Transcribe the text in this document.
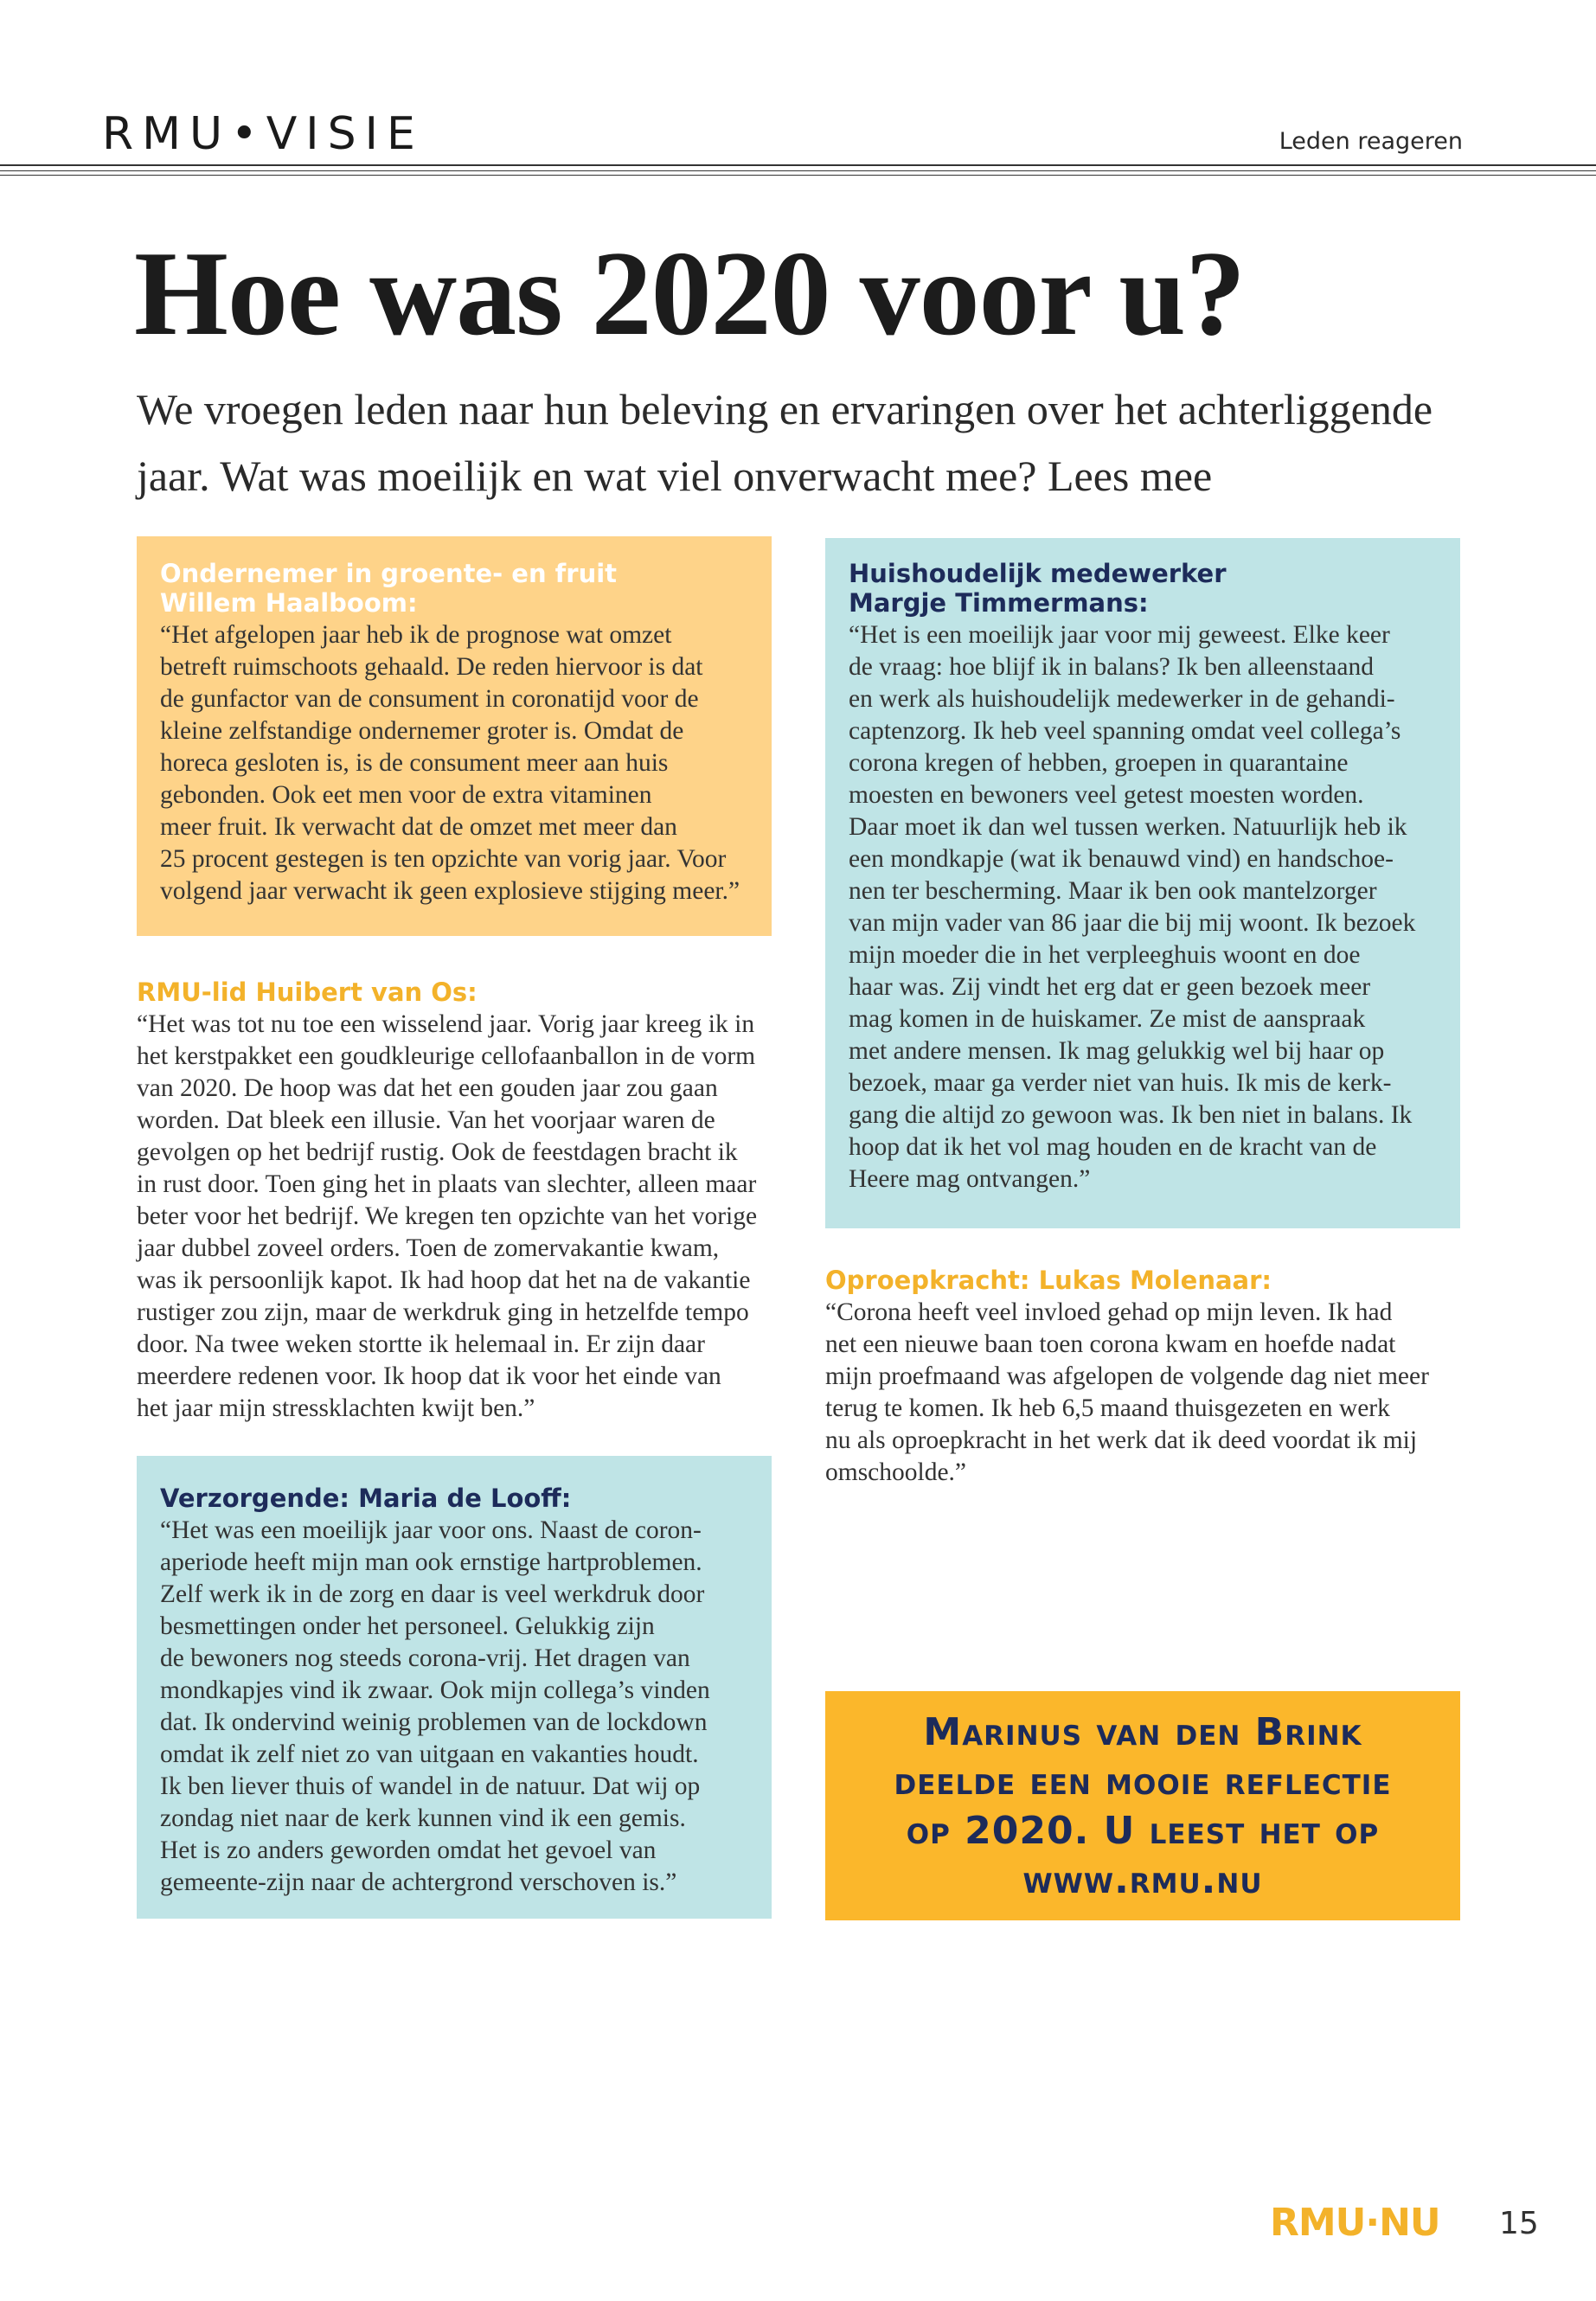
RMU•VISIE	Leden reageren
Hoe was 2020 voor u?

We vroegen leden naar hun beleving en ervaringen over het achterliggende jaar. Wat was moeilijk en wat viel onverwacht mee? Lees mee

Ondernemer in groente- en fruit
Willem Haalboom:
“Het afgelopen jaar heb ik de prognose wat omzet
betreft ruimschoots gehaald. De reden hiervoor is dat
de gunfactor van de consument in coronatijd voor de
kleine zelfstandige ondernemer groter is. Omdat de
horeca gesloten is, is de consument meer aan huis
gebonden. Ook eet men voor de extra vitaminen
meer fruit. Ik verwacht dat de omzet met meer dan
25 procent gestegen is ten opzichte van vorig jaar. Voor
volgend jaar verwacht ik geen explosieve stijging meer.”
RMU-lid Huibert van Os:
“Het was tot nu toe een wisselend jaar. Vorig jaar kreeg ik in
het kerstpakket een goudkleurige cellofaanballon in de vorm
van 2020. De hoop was dat het een gouden jaar zou gaan
worden. Dat bleek een illusie. Van het voorjaar waren de
gevolgen op het bedrijf rustig. Ook de feestdagen bracht ik
in rust door. Toen ging het in plaats van slechter, alleen maar
beter voor het bedrijf. We kregen ten opzichte van het vorige
jaar dubbel zoveel orders. Toen de zomervakantie kwam,
was ik persoonlijk kapot. Ik had hoop dat het na de vakantie
rustiger zou zijn, maar de werkdruk ging in hetzelfde tempo
door. Na twee weken stortte ik helemaal in. Er zijn daar
meerdere redenen voor. Ik hoop dat ik voor het einde van
het jaar mijn stressklachten kwijt ben.”
Verzorgende: Maria de Looff:
“Het was een moeilijk jaar voor ons. Naast de coron-
aperiode heeft mijn man ook ernstige hartproblemen.
Zelf werk ik in de zorg en daar is veel werkdruk door
besmettingen onder het personeel. Gelukkig zijn
de bewoners nog steeds corona-vrij. Het dragen van
mondkapjes vind ik zwaar. Ook mijn collega’s vinden
dat. Ik ondervind weinig problemen van de lockdown
omdat ik zelf niet zo van uitgaan en vakanties houdt.
Ik ben liever thuis of wandel in de natuur. Dat wij op
zondag niet naar de kerk kunnen vind ik een gemis.
Het is zo anders geworden omdat het gevoel van
gemeente-zijn naar de achtergrond verschoven is.”
Huishoudelijk medewerker
Margje Timmermans:
“Het is een moeilijk jaar voor mij geweest. Elke keer
de vraag: hoe blijf ik in balans? Ik ben alleenstaand
en werk als huishoudelijk medewerker in de gehandi-
captenzorg. Ik heb veel spanning omdat veel collega’s
corona kregen of hebben, groepen in quarantaine
moesten en bewoners veel getest moesten worden.
Daar moet ik dan wel tussen werken. Natuurlijk heb ik
een mondkapje (wat ik benauwd vind) en handschoe-
nen ter bescherming. Maar ik ben ook mantelzorger
van mijn vader van 86 jaar die bij mij woont. Ik bezoek
mijn moeder die in het verpleeghuis woont en doe
haar was. Zij vindt het erg dat er geen bezoek meer
mag komen in de huiskamer. Ze mist de aanspraak
met andere mensen. Ik mag gelukkig wel bij haar op
bezoek, maar ga verder niet van huis. Ik mis de kerk-
gang die altijd zo gewoon was. Ik ben niet in balans. Ik
hoop dat ik het vol mag houden en de kracht van de
Heere mag ontvangen.”
Oproepkracht: Lukas Molenaar:
“Corona heeft veel invloed gehad op mijn leven. Ik had
net een nieuwe baan toen corona kwam en hoefde nadat
mijn proefmaand was afgelopen de volgende dag niet meer
terug te komen. Ik heb 6,5 maand thuisgezeten en werk
nu als oproepkracht in het werk dat ik deed voordat ik mij
omschoolde.”
Marinus van den Brink
deelde een mooie reflectie
op 2020. U leest het op
www.rmu.nu
RMU·NU 15
